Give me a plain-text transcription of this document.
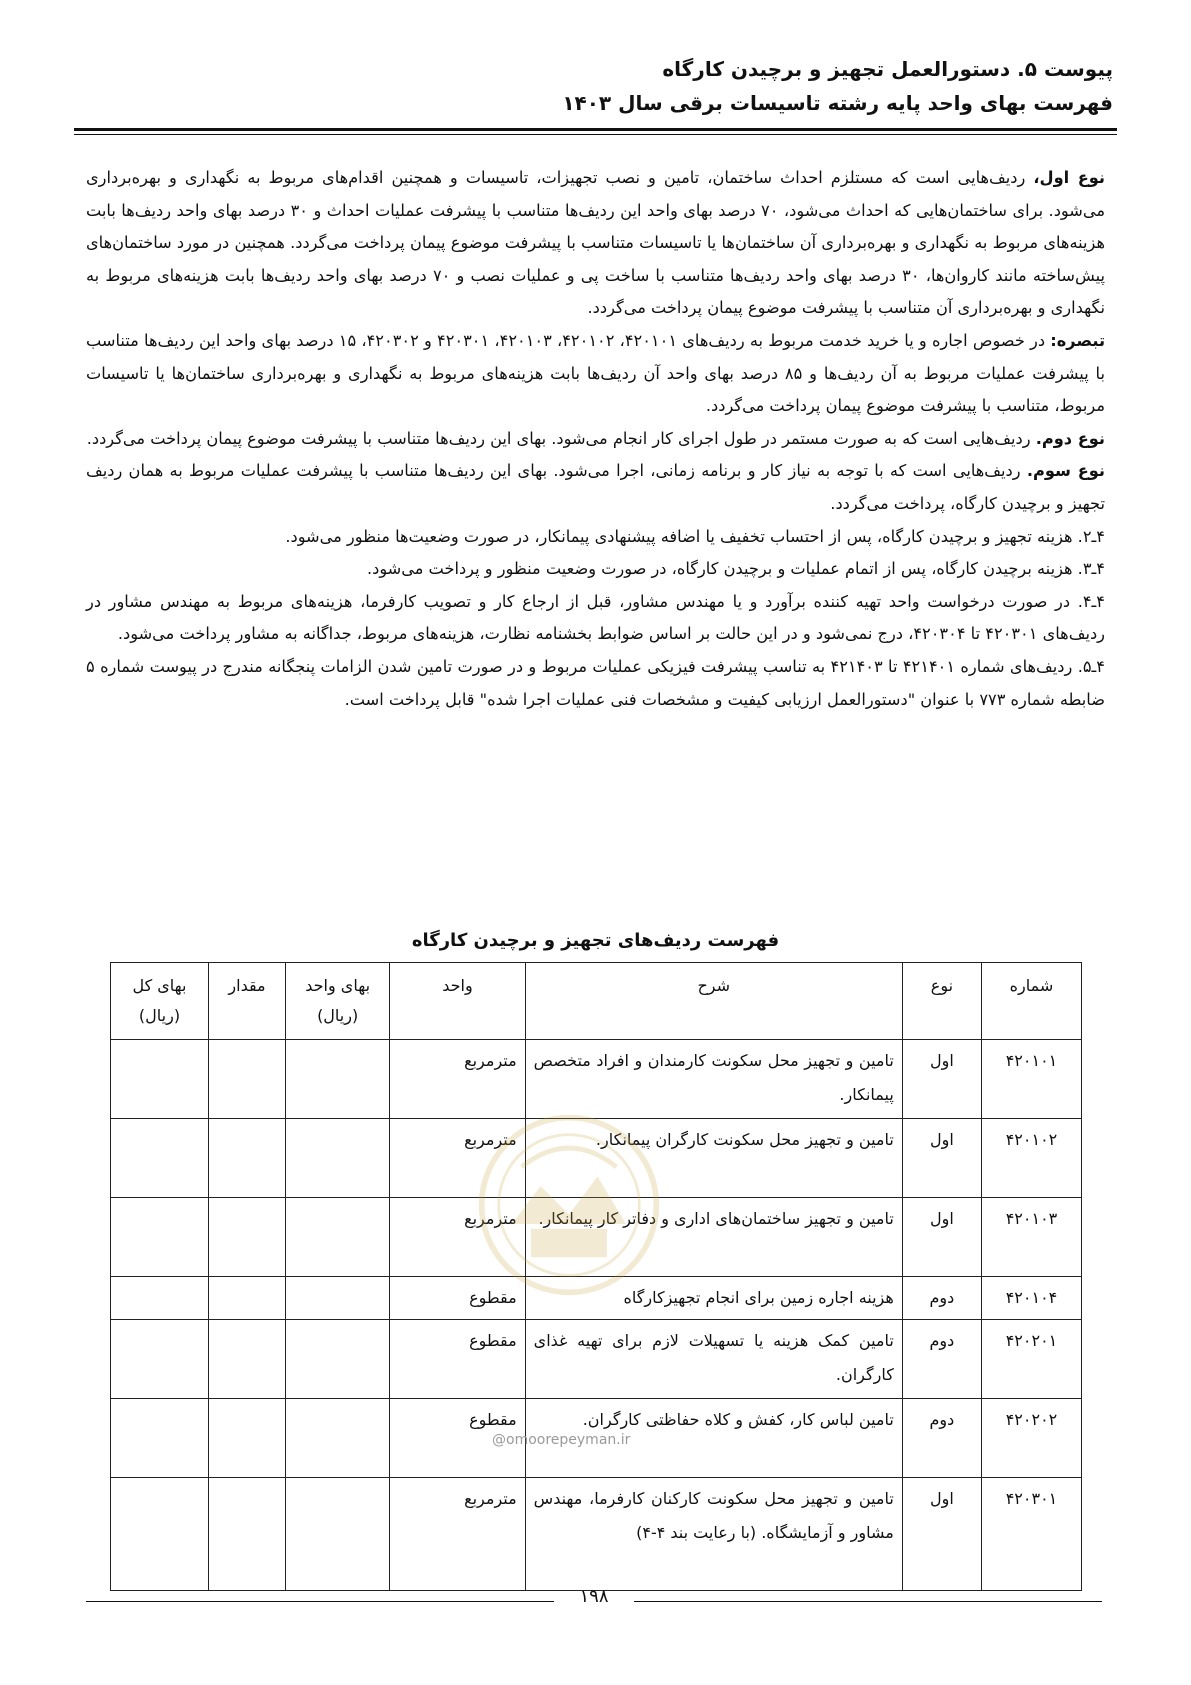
پیوست ۵. دستورالعمل تجهیز و برچیدن کارگاه
فهرست بهای واحد پایه رشته تاسیسات برقی سال ۱۴۰۳

نوع اول، ردیف‌هایی است که مستلزم احداث ساختمان، تامین و نصب تجهیزات، تاسیسات و همچنین اقدام‌های مربوط به نگهداری و بهره‌برداری می‌شود. برای ساختمان‌هایی که احداث می‌شود، ۷۰ درصد بهای واحد این ردیف‌ها متناسب با پیشرفت عملیات احداث و ۳۰ درصد بهای واحد ردیف‌ها بابت هزینه‌های مربوط به نگهداری و بهره‌برداری آن ساختمان‌ها یا تاسیسات متناسب با پیشرفت موضوع پیمان پرداخت می‌گردد. همچنین در مورد ساختمان‌های پیش‌ساخته مانند کاروان‌ها، ۳۰ درصد بهای واحد ردیف‌ها متناسب با ساخت پی و عملیات نصب و ۷۰ درصد بهای واحد ردیف‌ها بابت هزینه‌های مربوط به نگهداری و بهره‌برداری آن متناسب با پیشرفت موضوع پیمان پرداخت می‌گردد.

تبصره: در خصوص اجاره و یا خرید خدمت مربوط به ردیف‌های ۴۲۰۱۰۱، ۴۲۰۱۰۲، ۴۲۰۱۰۳، ۴۲۰۳۰۱ و ۴۲۰۳۰۲، ۱۵ درصد بهای واحد این ردیف‌ها متناسب با پیشرفت عملیات مربوط به آن ردیف‌ها و ۸۵ درصد بهای واحد آن ردیف‌ها بابت هزینه‌های مربوط به نگهداری و بهره‌برداری ساختمان‌ها یا تاسیسات مربوط، متناسب با پیشرفت موضوع پیمان پرداخت می‌گردد.

نوع دوم. ردیف‌هایی است که به صورت مستمر در طول اجرای کار انجام می‌شود. بهای این ردیف‌ها متناسب با پیشرفت موضوع پیمان پرداخت می‌گردد.

نوع سوم. ردیف‌هایی است که با توجه به نیاز کار و برنامه زمانی، اجرا می‌شود. بهای این ردیف‌ها متناسب با پیشرفت عملیات مربوط به همان ردیف تجهیز و برچیدن کارگاه، پرداخت می‌گردد.

۴ـ۲. هزینه تجهیز و برچیدن کارگاه، پس از احتساب تخفیف یا اضافه پیشنهادی پیمانکار، در صورت وضعیت‌ها منظور می‌شود.

۴ـ۳. هزینه برچیدن کارگاه، پس از اتمام عملیات و برچیدن کارگاه، در صورت وضعیت منظور و پرداخت می‌شود.

۴ـ۴. در صورت درخواست واحد تهیه کننده برآورد و یا مهندس مشاور، قبل از ارجاع کار و تصویب کارفرما، هزینه‌های مربوط به مهندس مشاور در ردیف‌های ۴۲۰۳۰۱ تا ۴۲۰۳۰۴، درج نمی‌شود و در این حالت بر اساس ضوابط بخشنامه نظارت، هزینه‌های مربوط، جداگانه به مشاور پرداخت می‌شود.

۴ـ۵. ردیف‌های شماره ۴۲۱۴۰۱ تا ۴۲۱۴۰۳ به تناسب پیشرفت فیزیکی عملیات مربوط و در صورت تامین شدن الزامات پنجگانه مندرج در پیوست شماره ۵ ضابطه شماره ۷۷۳ با عنوان "دستورالعمل ارزیابی کیفیت و مشخصات فنی عملیات اجرا شده" قابل پرداخت است.

فهرست ردیف‌های تجهیز و برچیدن کارگاه
شماره	نوع	شرح	واحد	بهای واحد (ریال)	مقدار	بهای کل (ریال)
۴۲۰۱۰۱	اول	تامین و تجهیز محل سکونت کارمندان و افراد متخصص پیمانکار.	مترمربع			
۴۲۰۱۰۲	اول	تامین و تجهیز محل سکونت کارگران پیمانکار.	مترمربع			
۴۲۰۱۰۳	اول	تامین و تجهیز ساختمان‌های اداری و دفاتر کار پیمانکار.	مترمربع			
۴۲۰۱۰۴	دوم	هزینه اجاره زمین برای انجام تجهیزکارگاه	مقطوع			
۴۲۰۲۰۱	دوم	تامین کمک هزینه یا تسهیلات لازم برای تهیه غذای کارگران.	مقطوع			
۴۲۰۲۰۲	دوم	تامین لباس کار، کفش و کلاه حفاظتی کارگران.	مقطوع			
۴۲۰۳۰۱	اول	تامین و تجهیز محل سکونت کارکنان کارفرما، مهندس مشاور و آزمایشگاه. (با رعایت بند ۴-۴)	مترمربع			
@omoorepeyman.ir
۱۹۸
